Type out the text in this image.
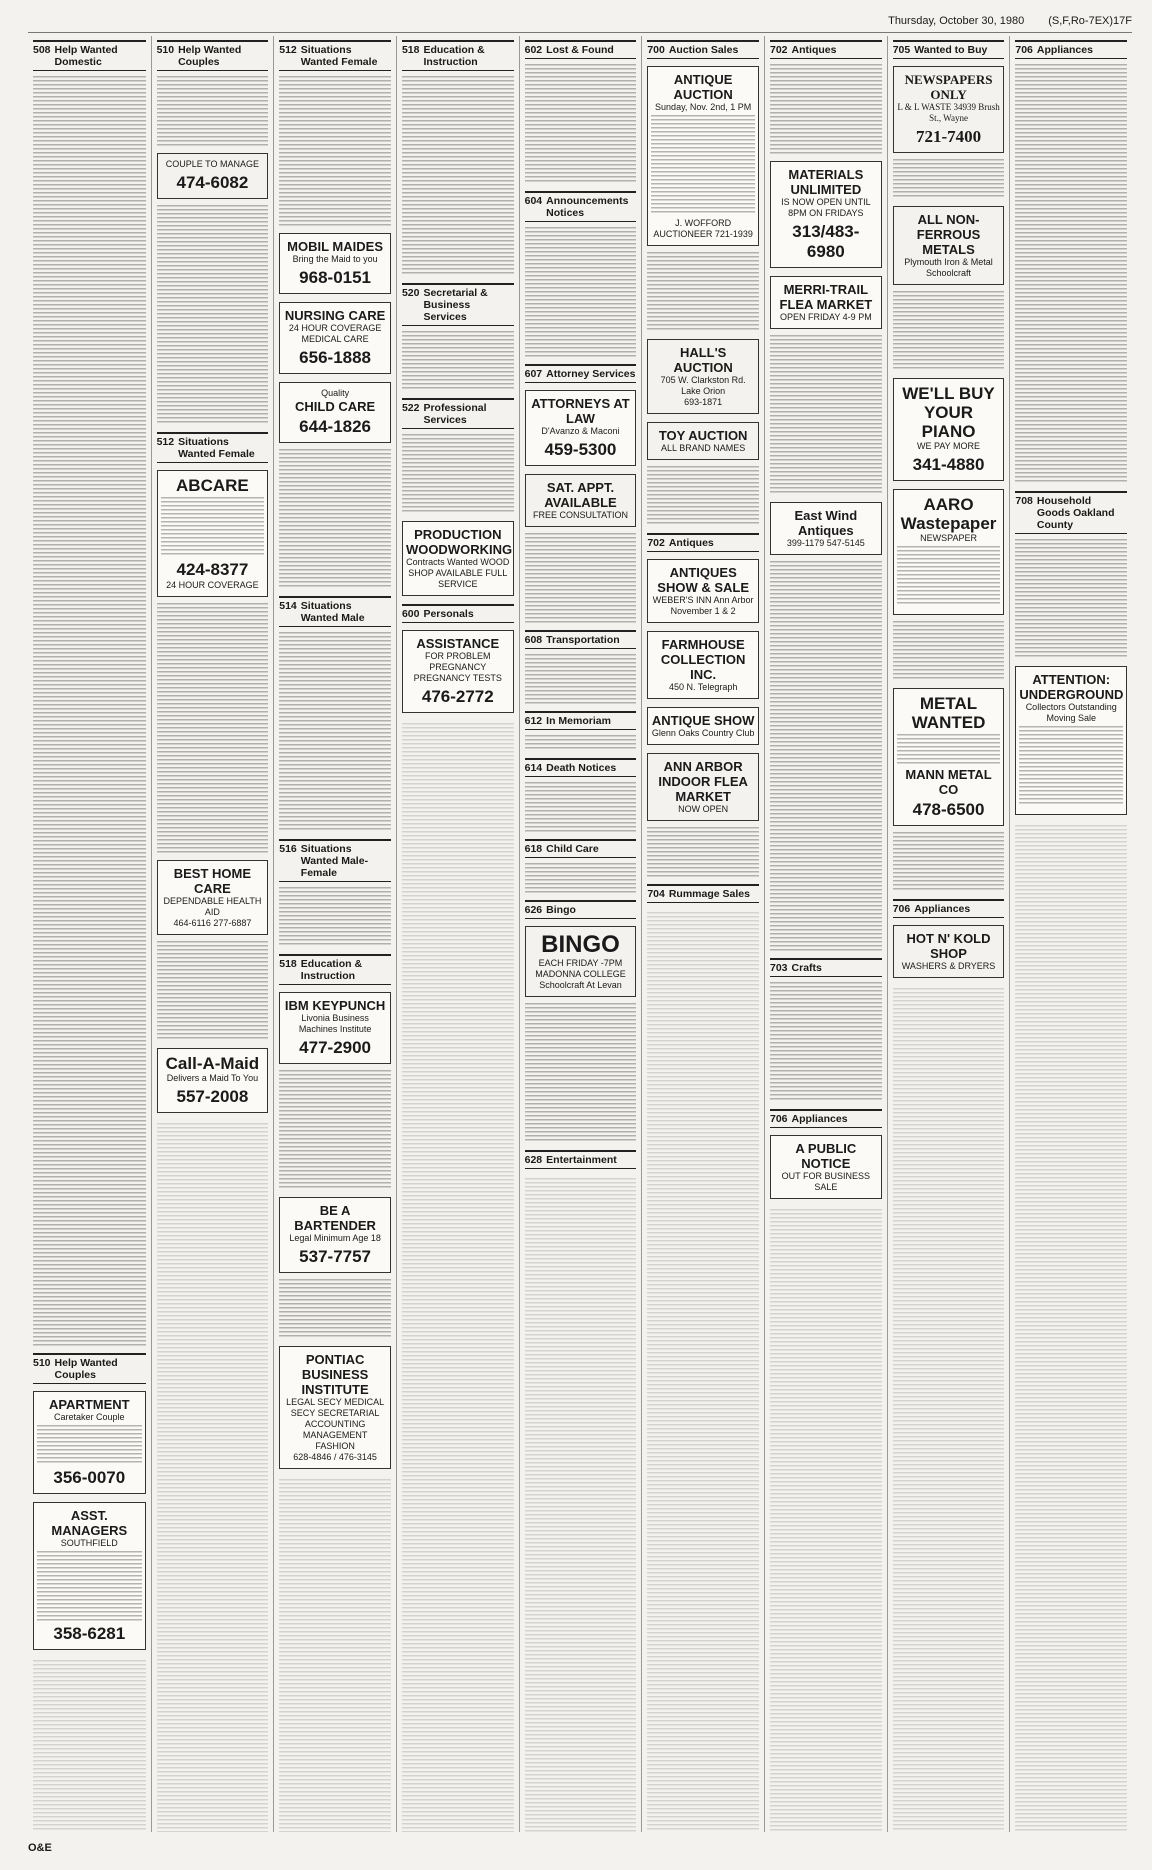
Thursday, October 30, 1980 (S,F,Ro-7EX)17F
508 Help Wanted Domestic
510 Help Wanted Couples
APARTMENT
Caretaker Couple
356-0070
ASST. MANAGERS
SOUTHFIELD
358-6281
510 Help Wanted Couples
COUPLE TO MANAGE
474-6082
512 Situations Wanted Female
ABCARE
424-8377
24 HOUR COVERAGE
BEST HOME CARE
DEPENDABLE HEALTH AID
464-6116 277-6887
Call-A-Maid
Delivers a Maid To You
557-2008
512 Situations Wanted Female
MOBIL MAIDES
Bring the Maid to you
968-0151
NURSING CARE
24 HOUR COVERAGE MEDICAL CARE
656-1888
Quality
CHILD CARE
644-1826
514 Situations Wanted Male
516 Situations Wanted Male-Female
518 Education & Instruction
IBM KEYPUNCH
Livonia Business Machines Institute
477-2900
BE A BARTENDER
Legal Minimum Age 18
537-7757
PONTIAC BUSINESS INSTITUTE
LEGAL SECY MEDICAL SECY SECRETARIAL ACCOUNTING MANAGEMENT FASHION
628-4846 / 476-3145
518 Education & Instruction
520 Secretarial & Business Services
522 Professional Services
PRODUCTION WOODWORKING
Contracts Wanted WOOD SHOP AVAILABLE FULL SERVICE
600 Personals
ASSISTANCE
FOR PROBLEM PREGNANCY PREGNANCY TESTS
476-2772
602 Lost & Found
604 Announcements Notices
607 Attorney Services
ATTORNEYS AT LAW
D'Avanzo & Maconi
459-5300
SAT. APPT. AVAILABLE
FREE CONSULTATION
608 Transportation
612 In Memoriam
614 Death Notices
618 Child Care
626 Bingo
BINGO
EACH FRIDAY -7PM MADONNA COLLEGE Schoolcraft At Levan
628 Entertainment
700 Auction Sales
ANTIQUE AUCTION
Sunday, Nov. 2nd, 1 PM
J. WOFFORD AUCTIONEER 721-1939
HALL'S AUCTION
705 W. Clarkston Rd. Lake Orion
693-1871
TOY AUCTION
ALL BRAND NAMES
702 Antiques
ANTIQUES SHOW & SALE
WEBER'S INN Ann Arbor November 1 & 2
FARMHOUSE COLLECTION INC.
450 N. Telegraph
ANTIQUE SHOW
Glenn Oaks Country Club
ANN ARBOR INDOOR FLEA MARKET
NOW OPEN
704 Rummage Sales
702 Antiques
MATERIALS UNLIMITED
IS NOW OPEN UNTIL 8PM ON FRIDAYS
313/483-6980
MERRI-TRAIL FLEA MARKET
OPEN FRIDAY 4-9 PM
East Wind Antiques
399-1179 547-5145
703 Crafts
706 Appliances
A PUBLIC NOTICE
OUT FOR BUSINESS SALE
705 Wanted to Buy
NEWSPAPERS ONLY
L & L WASTE 34939 Brush St., Wayne
721-7400
ALL NON-FERROUS METALS
Plymouth Iron & Metal Schoolcraft
WE'LL BUY YOUR PIANO
WE PAY MORE
341-4880
AARO Wastepaper
NEWSPAPER
METAL WANTED
MANN METAL CO
478-6500
706 Appliances
HOT N' KOLD SHOP
WASHERS & DRYERS
706 Appliances
708 Household Goods Oakland County
ATTENTION: UNDERGROUND
Collectors Outstanding Moving Sale
O&E
